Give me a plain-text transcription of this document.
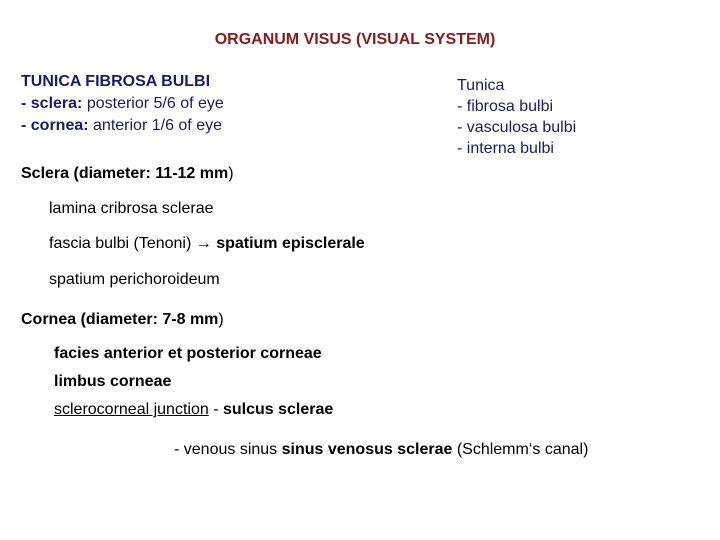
ORGANUM VISUS (VISUAL SYSTEM)
TUNICA FIBROSA BULBI
- sclera: posterior 5/6 of eye
- cornea: anterior 1/6 of eye
Tunica
- fibrosa bulbi
- vasculosa bulbi
- interna bulbi
Sclera (diameter: 11-12 mm)
lamina cribrosa sclerae
fascia bulbi (Tenoni) → spatium episclerale
spatium perichoroideum
Cornea (diameter: 7-8 mm)
facies anterior et posterior corneae
limbus corneae
sclerocorneal junction - sulcus sclerae
- venous sinus sinus venosus sclerae (Schlemm‘s canal)
